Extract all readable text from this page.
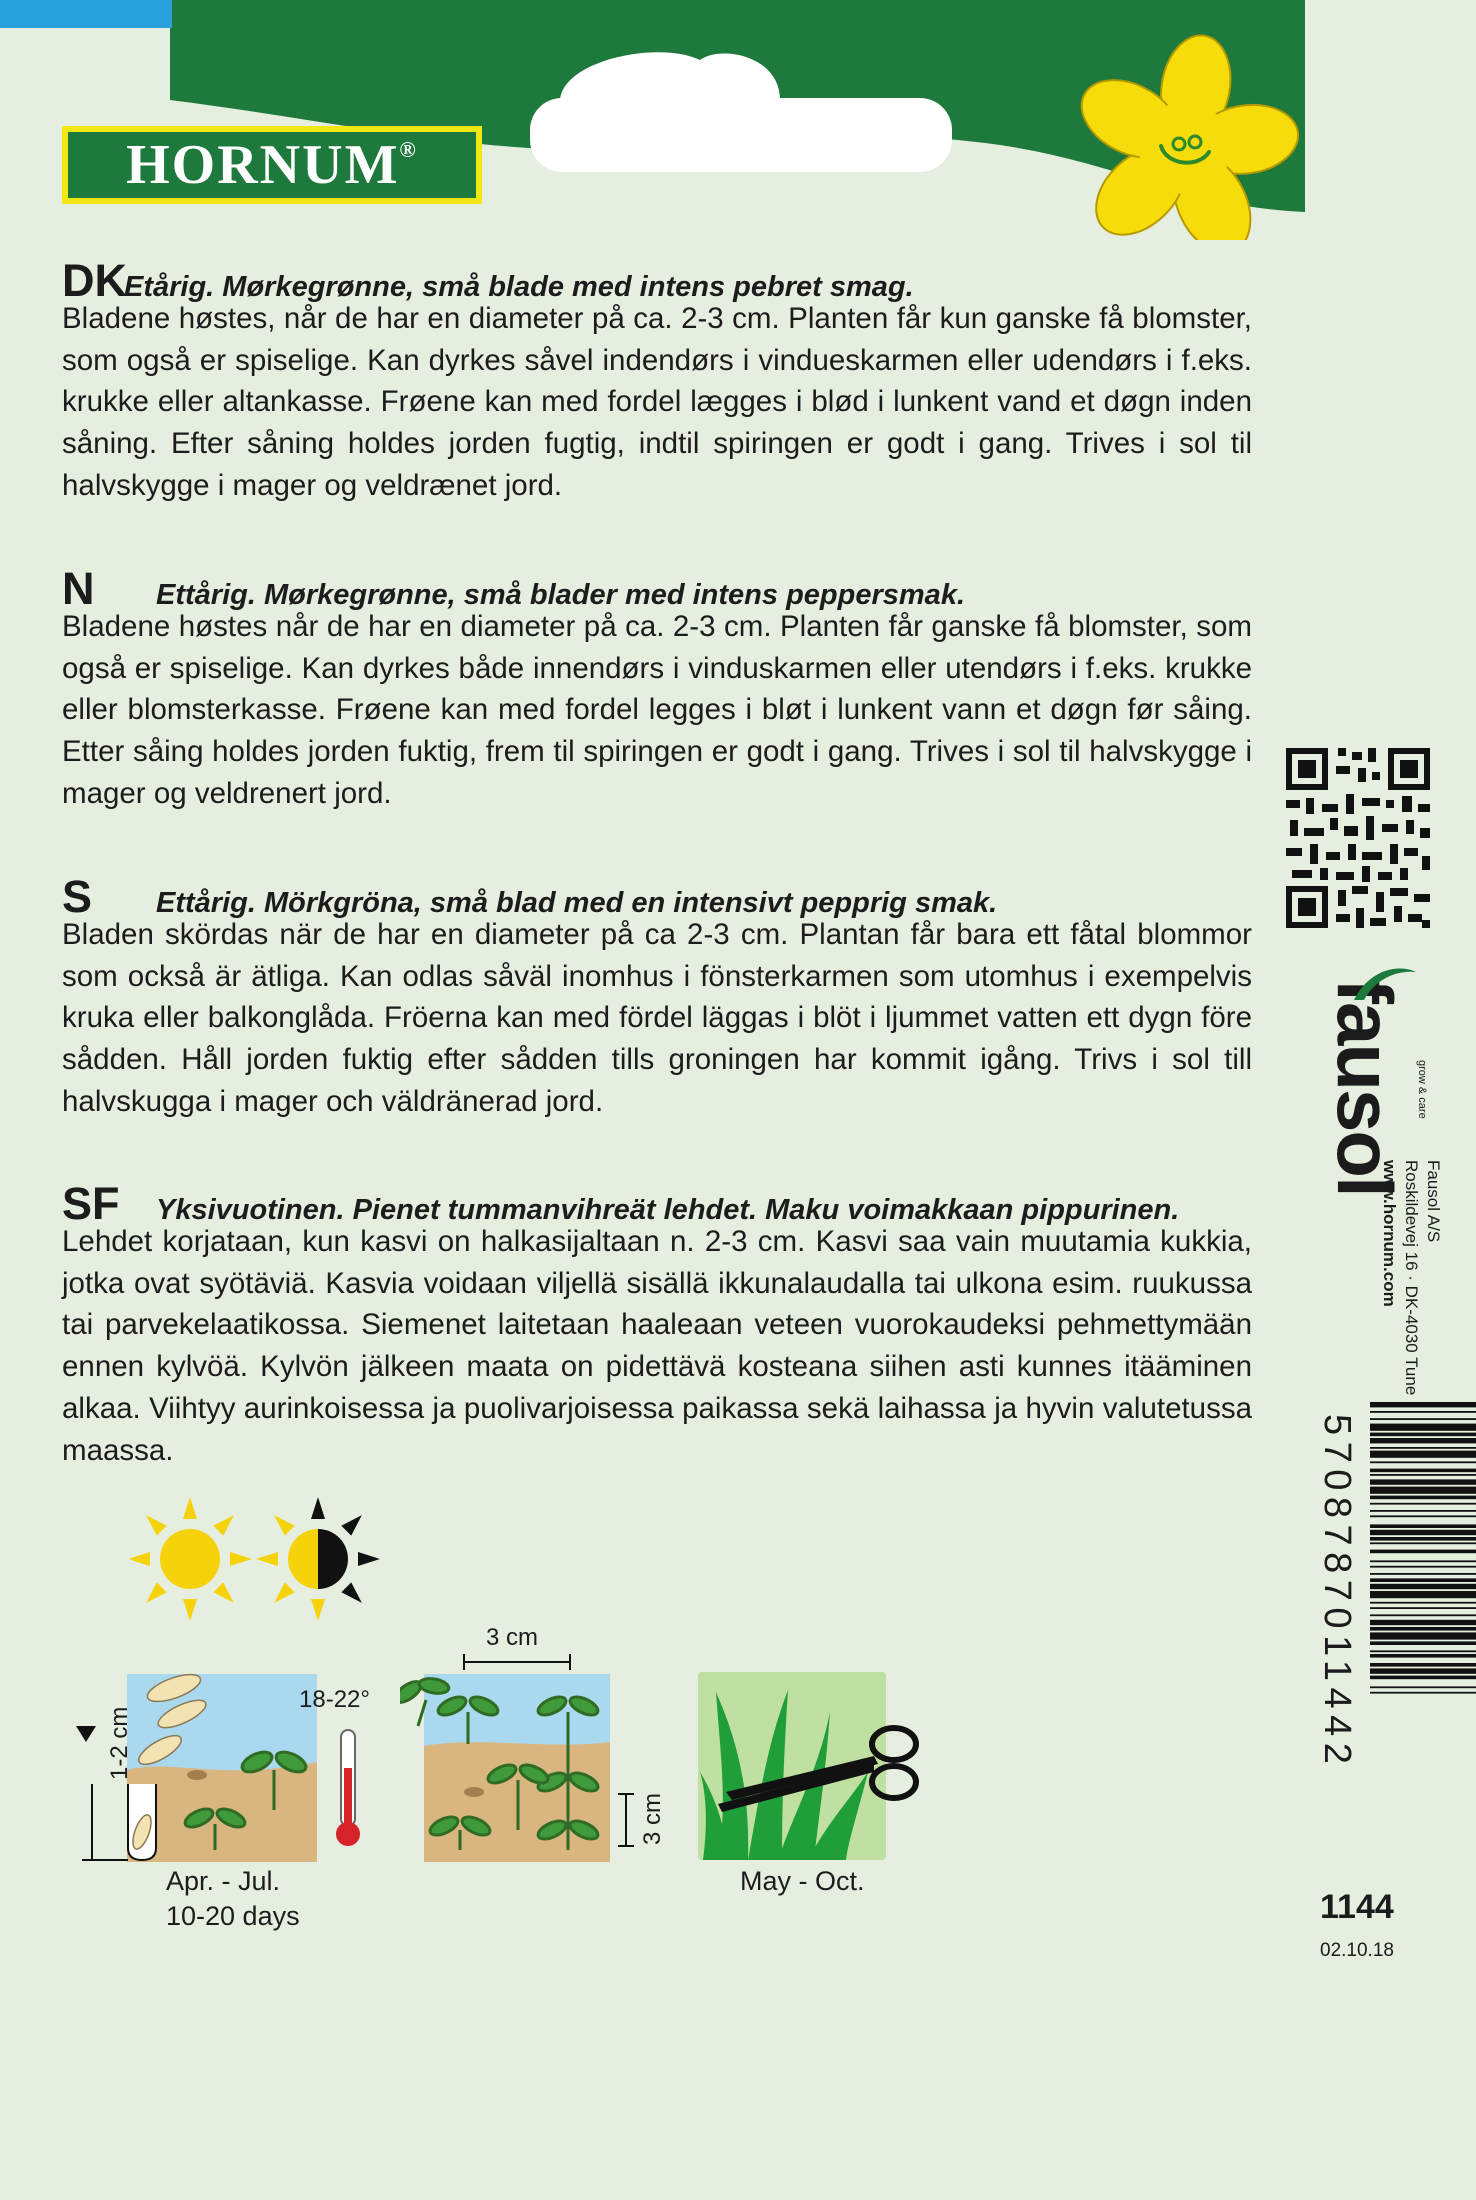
HORNUM®
DK
Etårig. Mørkegrønne, små blade med intens pebret smag.
Bladene høstes, når de har en diameter på ca. 2-3 cm. Planten får kun ganske få blomster, som også er spiselige. Kan dyrkes såvel indendørs i vindueskarmen eller udendørs i f.eks. krukke eller altankasse. Frøene kan med fordel lægges i blød i lunkent vand et døgn inden såning. Efter såning holdes jorden fugtig, indtil spiringen er godt i gang. Trives i sol til halvskygge i mager og veldrænet jord.
N	Ettårig. Mørkegrønne, små blader med intens peppersmak.
Bladene høstes når de har en diameter på ca. 2-3 cm. Planten får ganske få blomster, som også er spiselige. Kan dyrkes både innendørs i vinduskarmen eller utendørs i f.eks. krukke eller blomsterkasse. Frøene kan med fordel legges i bløt i lunkent vann et døgn før såing. Etter såing holdes jorden fuktig, frem til spiringen er godt i gang. Trives i sol til halvskygge i mager og veldrenert jord.
S	Ettårig. Mörkgröna, små blad med en intensivt pepprig smak.
Bladen skördas när de har en diameter på ca 2-3 cm. Plantan får bara ett fåtal blommor som också är ätliga. Kan odlas såväl inomhus i fönsterkarmen som utomhus i exempelvis kruka eller balkonglåda. Fröerna kan med fördel läggas i blöt i ljummet vatten ett dygn före sådden. Håll jorden fuktig efter sådden tills groningen har kommit igång. Trivs i sol till halvskugga i mager och väldränerad jord.
SF	Yksivuotinen. Pienet tummanvihreät lehdet. Maku voimakkaan pippurinen.
Lehdet korjataan, kun kasvi on halkasijaltaan n. 2-3 cm. Kasvi saa vain muutamia kukkia, jotka ovat syötäviä. Kasvia voidaan viljellä sisällä ikkunalaudalla tai ulkona esim. ruukussa tai parvekelaatikossa. Siemenet laitetaan haaleaan veteen vuorokaudeksi pehmettymään ennen kylvöä. Kylvön jälkeen maata on pidettävä kosteana siihen asti kunnes itääminen alkaa. Viihtyy aurinkoisessa ja puolivarjoisessa paikassa sekä laihassa ja hyvin valutetussa maassa.
1-2 cm
18-22°
3 cm
3 cm
Apr. - Jul.
10-20 days
May - Oct.
fausol grow & care
Fausol A/S
Roskildevej 16 · DK-4030 Tune
www.hornum.com
5708787011442
1144
02.10.18
